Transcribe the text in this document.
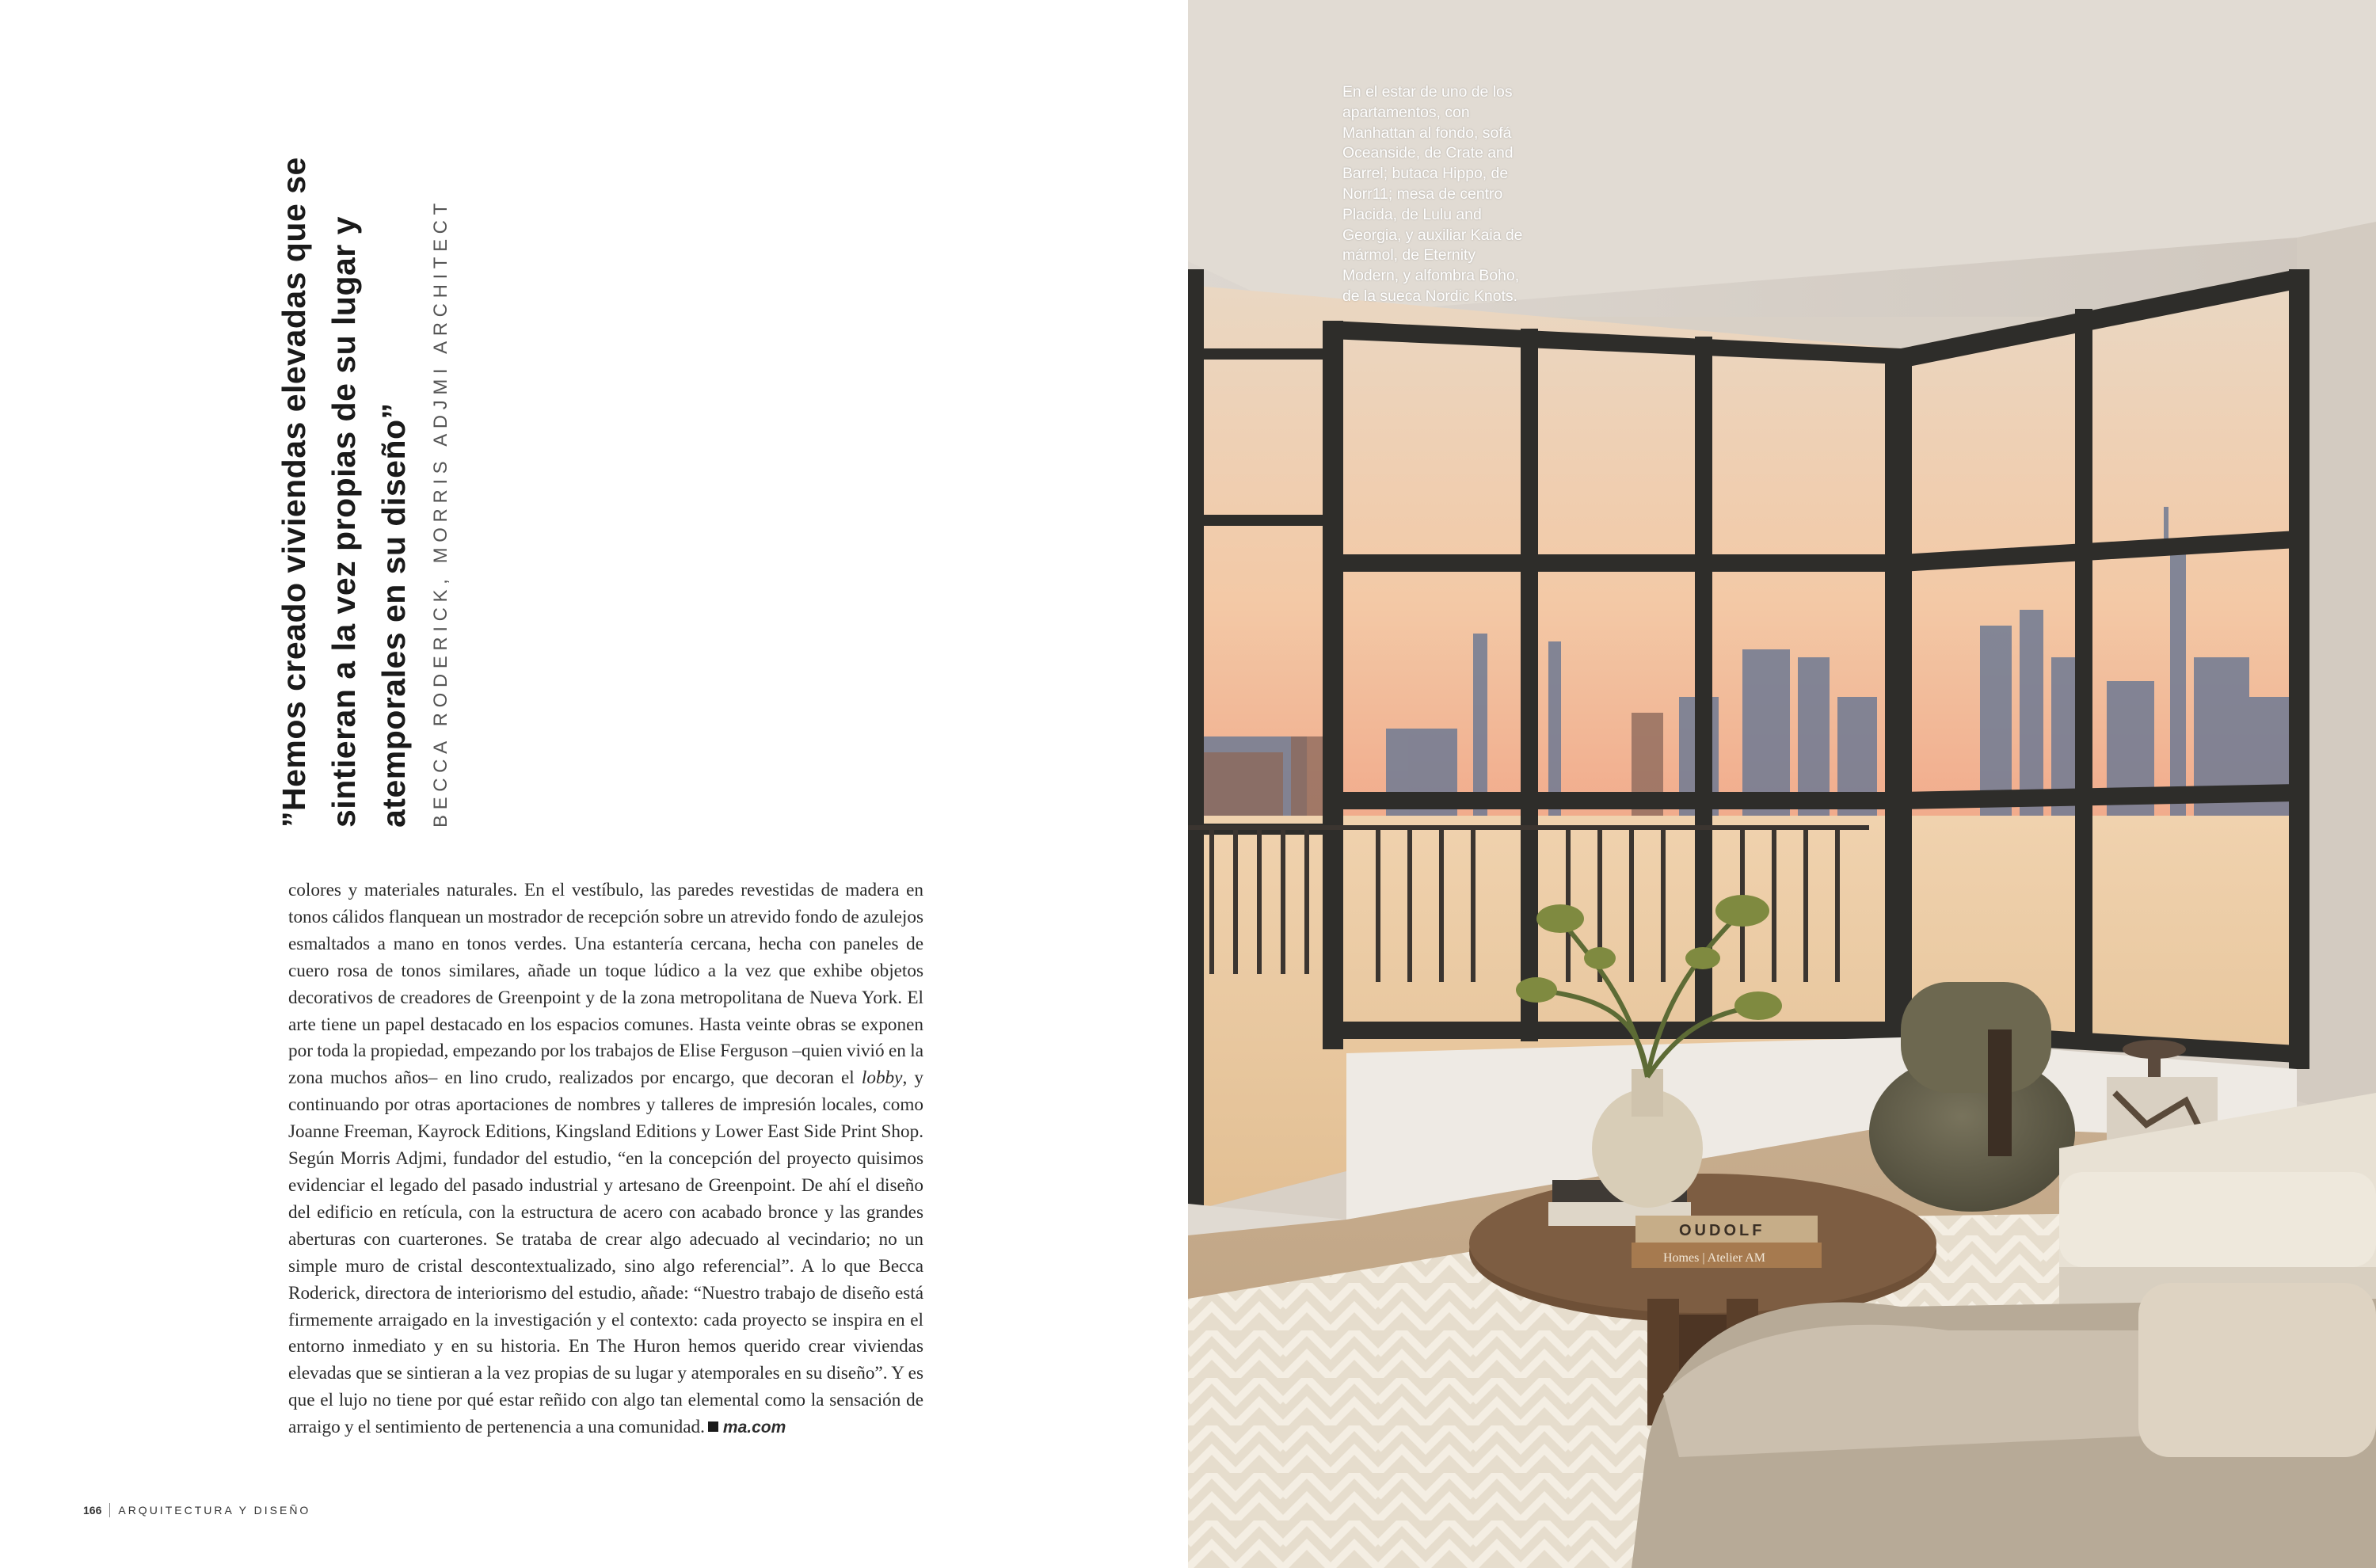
”Hemos creado viviendas elevadas que se sintieran a la vez propias de su lugar y atemporales en su diseño” BECCA RODERICK, MORRIS ADJMI ARCHITECT

colores y materiales naturales. En el vestíbulo, las paredes revestidas de madera en tonos cálidos flanquean un mostrador de recepción sobre un atrevido fondo de azulejos esmaltados a mano en tonos verdes. Una estantería cercana, hecha con paneles de cuero rosa de tonos similares, añade un toque lúdico a la vez que exhibe objetos decorativos de creadores de Greenpoint y de la zona metropolitana de Nueva York. El arte tiene un papel destacado en los espacios comunes. Hasta veinte obras se exponen por toda la propiedad, empezando por los trabajos de Elise Ferguson –quien vivió en la zona muchos años– en lino crudo, realizados por encargo, que decoran el lobby, y continuando por otras aportaciones de nombres y talleres de impresión locales, como Joanne Freeman, Kayrock Editions, Kingsland Editions y Lower East Side Print Shop. Según Morris Adjmi, fundador del estudio, “en la concepción del proyecto quisimos evidenciar el legado del pasado industrial y artesano de Greenpoint. De ahí el diseño del edificio en retícula, con la estructura de acero con acabado bronce y las grandes aberturas con cuarterones. Se trataba de crear algo adecuado al vecindario; no un simple muro de cristal descontextualizado, sino algo referencial”. A lo que Becca Roderick, directora de interiorismo del estudio, añade: “Nuestro trabajo de diseño está firmemente arraigado en la investigación y el contexto: cada proyecto se inspira en el entorno inmediato y en su historia. En The Huron hemos querido crear viviendas elevadas que se sintieran a la vez propias de su lugar y atemporales en su diseño”. Y es que el lujo no tiene por qué estar reñido con algo tan elemental como la sensación de arraigo y el sentimiento de pertenencia a una comunidad. ma.com

166 ARQUITECTURA Y DISEÑO
Homes | Atelier AM
OUDOLF
En el estar de uno de los apartamentos, con Manhattan al fondo, sofá Oceanside, de Crate and Barrel; butaca Hippo, de Norr11; mesa de centro Placida, de Lulu and Georgia, y auxiliar Kaia de mármol, de Eternity Modern, y alfombra Boho, de la sueca Nordic Knots.
